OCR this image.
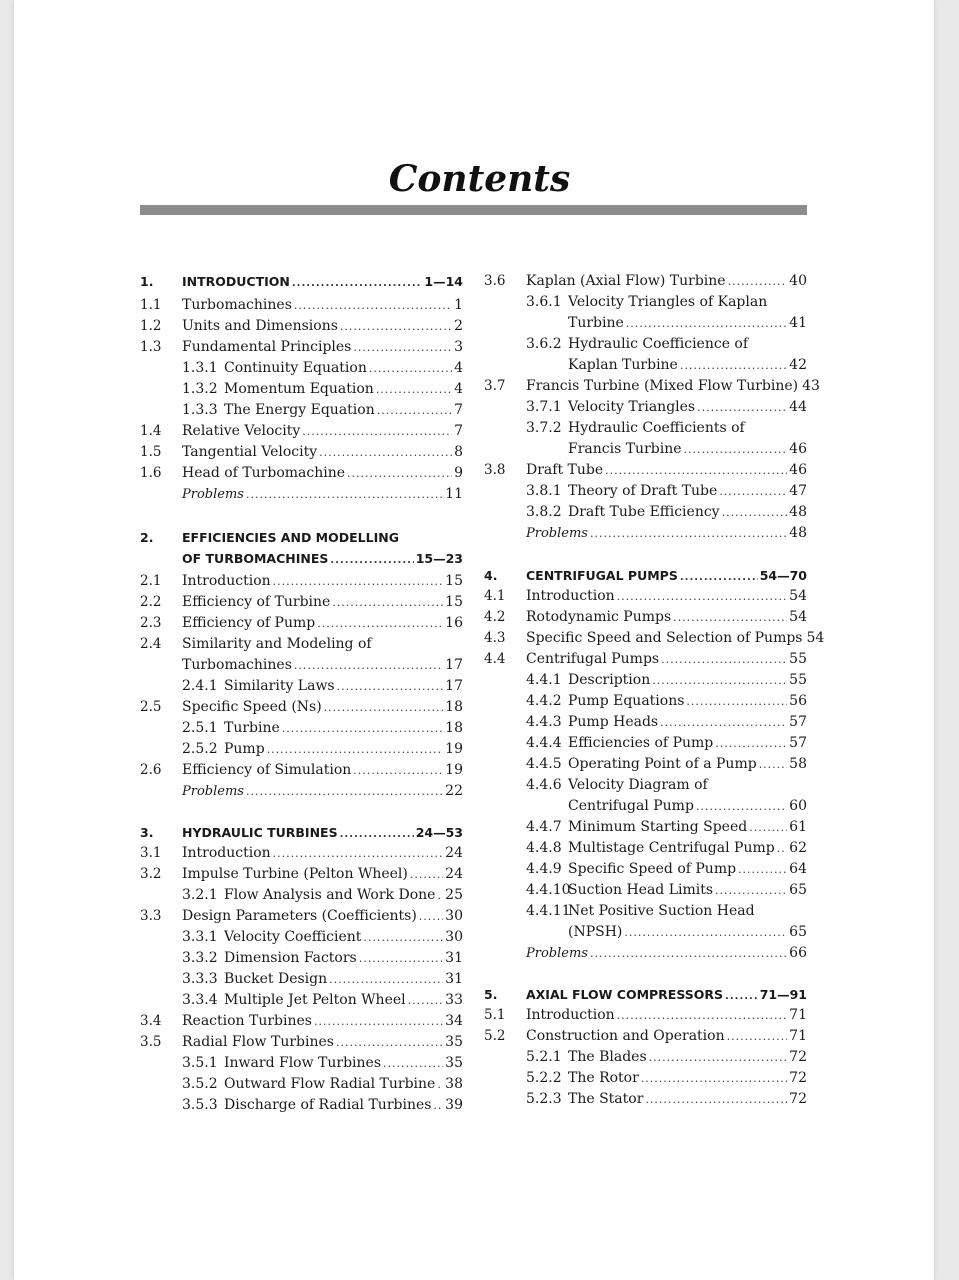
Contents
1. INTRODUCTION .....	1—14
1.1 Turbomachines .....	1
1.2 Units and Dimensions .....	2
1.3 Fundamental Principles .....	3
1.3.1 Continuity Equation .....	4
1.3.2 Momentum Equation .....	4
1.3.3 The Energy Equation .....	7
1.4 Relative Velocity .....	7
1.5 Tangential Velocity .....	8
1.6 Head of Turbomachine .....	9
Problems .....	11
2. EFFICIENCIES AND MODELLING
OF TURBOMACHINES .....	15—23
2.1 Introduction .....	15
2.2 Efficiency of Turbine .....	15
2.3 Efficiency of Pump .....	16
2.4 Similarity and Modeling of
Turbomachines .....	17
2.4.1 Similarity Laws .....	17
2.5 Specific Speed (Ns) .....	18
2.5.1 Turbine .....	18
2.5.2 Pump .....	19
2.6 Efficiency of Simulation .....	19
Problems .....	22
3. HYDRAULIC TURBINES .....	24—53
3.1 Introduction .....	24
3.2 Impulse Turbine (Pelton Wheel) .....	24
3.2.1 Flow Analysis and Work Done ..... 25
3.3 Design Parameters (Coefficients) ..... 30
3.3.1 Velocity Coefficient .....	30
3.3.2 Dimension Factors .....	31
3.3.3 Bucket Design .....	31
3.3.4 Multiple Jet Pelton Wheel .....	33
3.4 Reaction Turbines .....	34
3.5 Radial Flow Turbines .....	35
3.5.1 Inward Flow Turbines .....	35
3.5.2 Outward Flow Radial Turbine ..... 38
3.5.3 Discharge of Radial Turbines ..... 39
3.6 Kaplan (Axial Flow) Turbine .....	40
3.6.1 Velocity Triangles of Kaplan
Turbine .....	41
3.6.2 Hydraulic Coefficience of
Kaplan Turbine .....	42
3.7 Francis Turbine (Mixed Flow Turbine) 43
3.7.1 Velocity Triangles .....	44
3.7.2 Hydraulic Coefficients of
Francis Turbine .....	46
3.8 Draft Tube .....	46
3.8.1 Theory of Draft Tube .....	47
3.8.2 Draft Tube Efficiency .....	48
Problems .....	48
4. CENTRIFUGAL PUMPS .....	54—70
4.1 Introduction .....	54
4.2 Rotodynamic Pumps .....	54
4.3 Specific Speed and Selection of Pumps 54
4.4 Centrifugal Pumps .....	55
4.4.1 Description .....	55
4.4.2 Pump Equations .....	56
4.4.3 Pump Heads .....	57
4.4.4 Efficiencies of Pump .....	57
4.4.5 Operating Point of a Pump ..... 58
4.4.6 Velocity Diagram of
Centrifugal Pump .....	60
4.4.7 Minimum Starting Speed .....	61
4.4.8 Multistage Centrifugal Pump ..... 62
4.4.9 Specific Speed of Pump .....	64
4.4.10Suction Head Limits .....	65
4.4.11Net Positive Suction Head
(NPSH) .....	65
Problems .....	66
5. AXIAL FLOW COMPRESSORS .....	71—91
5.1 Introduction .....	71
5.2 Construction and Operation .....	71
5.2.1 The Blades .....	72
5.2.2 The Rotor .....	72
5.2.3 The Stator .....	72
